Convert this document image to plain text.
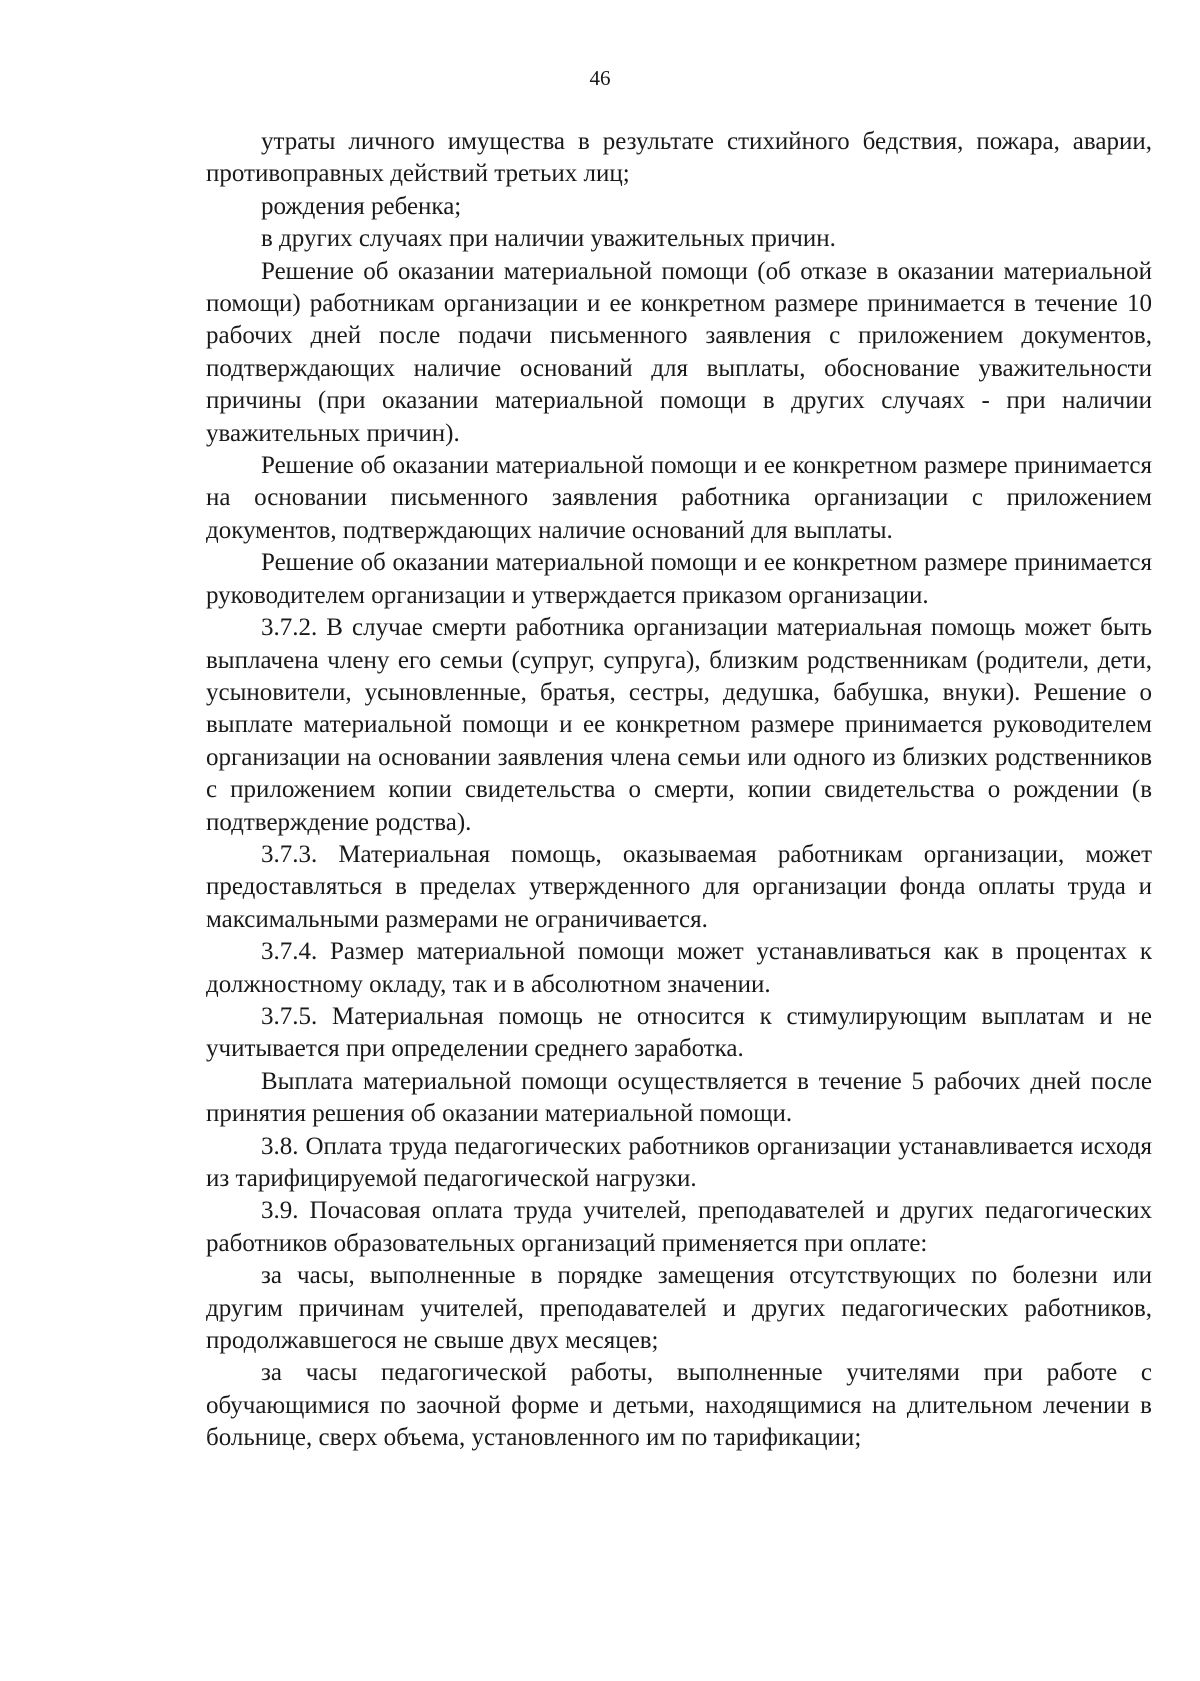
46

утраты личного имущества в результате стихийного бедствия, пожара, аварии, противоправных действий третьих лиц;

рождения ребенка;

в других случаях при наличии уважительных причин.

Решение об оказании материальной помощи (об отказе в оказании материальной помощи) работникам организации и ее конкретном размере принимается в течение 10 рабочих дней после подачи письменного заявления с приложением документов, подтверждающих наличие оснований для выплаты, обоснование уважительности причины (при оказании материальной помощи в других случаях - при наличии уважительных причин).

Решение об оказании материальной помощи и ее конкретном размере принимается на основании письменного заявления работника организации с приложением документов, подтверждающих наличие оснований для выплаты.

Решение об оказании материальной помощи и ее конкретном размере принимается руководителем организации и утверждается приказом организации.

3.7.2. В случае смерти работника организации материальная помощь может быть выплачена члену его семьи (супруг, супруга), близким родственникам (родители, дети, усыновители, усыновленные, братья, сестры, дедушка, бабушка, внуки). Решение о выплате материальной помощи и ее конкретном размере принимается руководителем организации на основании заявления члена семьи или одного из близких родственников с приложением копии свидетельства о смерти, копии свидетельства о рождении (в подтверждение родства).

3.7.3. Материальная помощь, оказываемая работникам организации, может предоставляться в пределах утвержденного для организации фонда оплаты труда и максимальными размерами не ограничивается.

3.7.4. Размер материальной помощи может устанавливаться как в процентах к должностному окладу, так и в абсолютном значении.

3.7.5. Материальная помощь не относится к стимулирующим выплатам и не учитывается при определении среднего заработка.

Выплата материальной помощи осуществляется в течение 5 рабочих дней после принятия решения об оказании материальной помощи.

3.8. Оплата труда педагогических работников организации устанавливается исходя из тарифицируемой педагогической нагрузки.

3.9. Почасовая оплата труда учителей, преподавателей и других педагогических работников образовательных организаций применяется при оплате:

за часы, выполненные в порядке замещения отсутствующих по болезни или другим причинам учителей, преподавателей и других педагогических работников, продолжавшегося не свыше двух месяцев;

за часы педагогической работы, выполненные учителями при работе с обучающимися по заочной форме и детьми, находящимися на длительном лечении в больнице, сверх объема, установленного им по тарификации;
